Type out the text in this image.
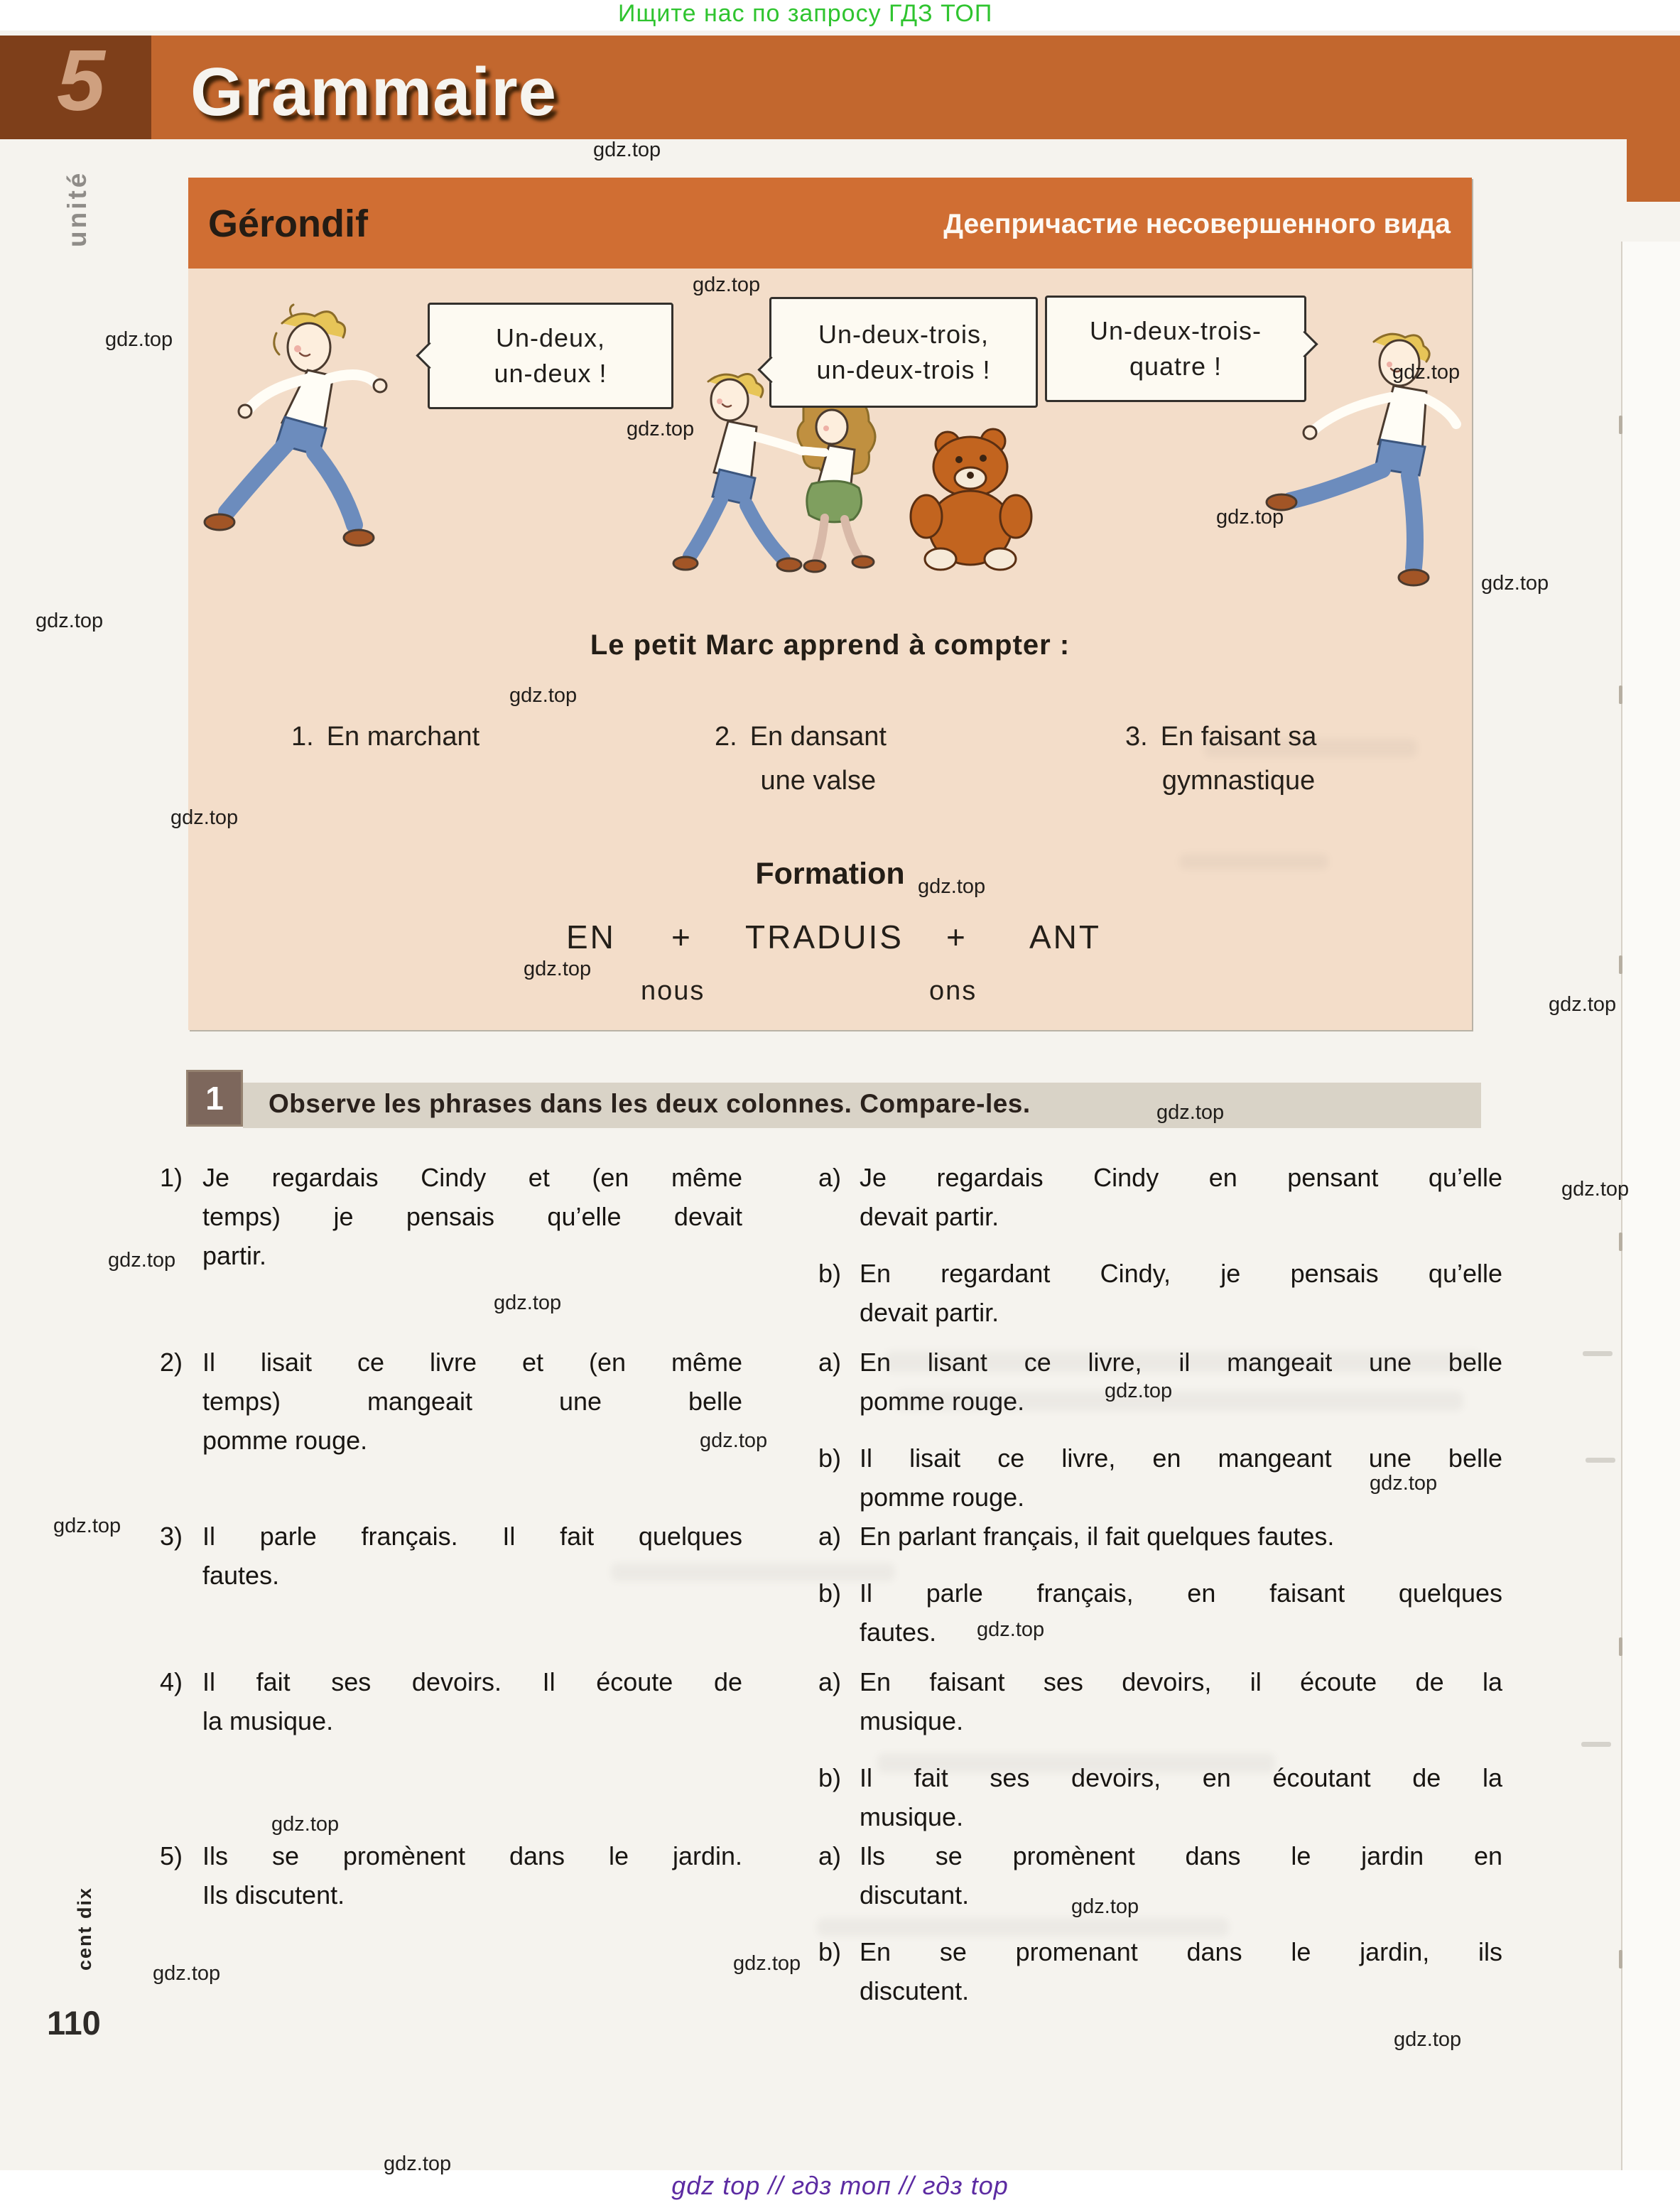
Ищите нас по запросу ГДЗ ТОП
5 Grammaire
unité	Gérondif	Деепричастие несовершенного вида
Un-deux,
un-deux !
Un-deux-trois,
un-deux-trois !
Un-deux-trois-
quatre !
Le petit Marc apprend à compter :
1. En marchant	2. En dansant
une valse
3. En faisant sa
gymnastique
Formation
EN + TRADUIS + ANT
nous	ons
1 Observe les phrases dans les deux colonnes. Compare-les.
1) Je regardais Cindy et (en même
temps) je pensais qu’elle devait
partir.
a) Je regardais Cindy en pensant qu’elle
devait partir.
b) En regardant Cindy, je pensais qu’elle
devait partir.
2) Il lisait ce livre et (en même
temps) mangeait une belle
pomme rouge.
a) En lisant ce livre, il mangeait une belle
pomme rouge.
b) Il lisait ce livre, en mangeant une belle
pomme rouge.
3) Il parle français. Il fait quelques
fautes.
a) En parlant français, il fait quelques fautes.
b) Il parle français, en faisant quelques
fautes.
4) Il fait ses devoirs. Il écoute de
la musique.
a) En faisant ses devoirs, il écoute de la
musique.
b) Il fait ses devoirs, en écoutant de la
musique.
5) Ils se promènent dans le jardin.
Ils discutent.
a) Ils se promènent dans le jardin en
discutant.
b) En se promenant dans le jardin, ils
discutent.
cent dix
110
gdz top // гдз топ // гдз top
gdz.top
gdz.top
gdz.top
gdz.top
gdz.top
gdz.top
gdz.top
gdz.top
gdz.top
gdz.top
gdz.top
gdz.top
gdz.top
gdz.top
gdz.top
gdz.top
gdz.top
gdz.top
gdz.top
gdz.top
gdz.top
gdz.top
gdz.top
gdz.top
gdz.top
gdz.top
gdz.top
gdz.top
